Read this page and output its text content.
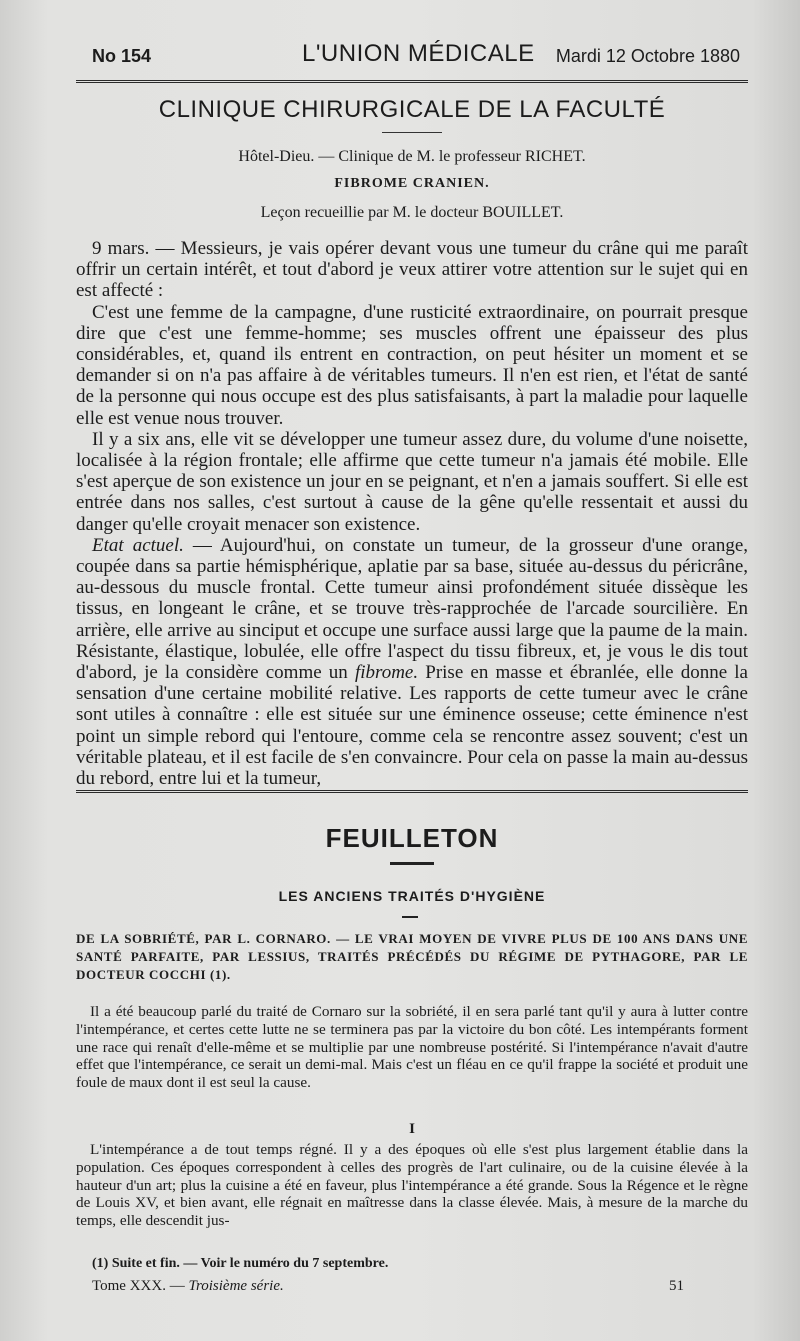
No 154	L'UNION MÉDICALE Mardi 12 Octobre 1880
CLINIQUE CHIRURGICALE DE LA FACULTÉ
Hôtel-Dieu. — Clinique de M. le professeur RICHET.
FIBROME CRANIEN.
Leçon recueillie par M. le docteur BOUILLET.

9 mars. — Messieurs, je vais opérer devant vous une tumeur du crâne qui me paraît offrir un certain intérêt, et tout d'abord je veux attirer votre attention sur le sujet qui en est affecté :

C'est une femme de la campagne, d'une rusticité extraordinaire, on pourrait presque dire que c'est une femme-homme; ses muscles offrent une épaisseur des plus considérables, et, quand ils entrent en contraction, on peut hésiter un moment et se demander si on n'a pas affaire à de véritables tumeurs. Il n'en est rien, et l'état de santé de la personne qui nous occupe est des plus satisfaisants, à part la maladie pour laquelle elle est venue nous trouver.

Il y a six ans, elle vit se développer une tumeur assez dure, du volume d'une noisette, localisée à la région frontale; elle affirme que cette tumeur n'a jamais été mobile. Elle s'est aperçue de son existence un jour en se peignant, et n'en a jamais souffert. Si elle est entrée dans nos salles, c'est surtout à cause de la gêne qu'elle ressentait et aussi du danger qu'elle croyait menacer son existence.

Etat actuel. — Aujourd'hui, on constate un tumeur, de la grosseur d'une orange, coupée dans sa partie hémisphérique, aplatie par sa base, située au-dessus du péricrâne, au-dessous du muscle frontal. Cette tumeur ainsi profondément située dissèque les tissus, en longeant le crâne, et se trouve très-rapprochée de l'arcade sourcilière. En arrière, elle arrive au sinciput et occupe une surface aussi large que la paume de la main. Résistante, élastique, lobulée, elle offre l'aspect du tissu fibreux, et, je vous le dis tout d'abord, je la considère comme un fibrome. Prise en masse et ébranlée, elle donne la sensation d'une certaine mobilité relative. Les rapports de cette tumeur avec le crâne sont utiles à connaître : elle est située sur une éminence osseuse; cette éminence n'est point un simple rebord qui l'entoure, comme cela se rencontre assez souvent; c'est un véritable plateau, et il est facile de s'en convaincre. Pour cela on passe la main au-dessus du rebord, entre lui et la tumeur,

FEUILLETON
LES ANCIENS TRAITÉS D'HYGIÈNE
DE LA SOBRIÉTÉ, PAR L. CORNARO. — LE VRAI MOYEN DE VIVRE PLUS DE 100 ANS DANS UNE SANTÉ PARFAITE, PAR LESSIUS, TRAITÉS PRÉCÉDÉS DU RÉGIME DE PYTHAGORE, PAR LE DOCTEUR COCCHI (1).

Il a été beaucoup parlé du traité de Cornaro sur la sobriété, il en sera parlé tant qu'il y aura à lutter contre l'intempérance, et certes cette lutte ne se terminera pas par la victoire du bon côté. Les intempérants forment une race qui renaît d'elle-même et se multiplie par une nombreuse postérité. Si l'intempérance n'avait d'autre effet que l'intempérance, ce serait un demi-mal. Mais c'est un fléau en ce qu'il frappe la société et produit une foule de maux dont il est seul la cause.

I

L'intempérance a de tout temps régné. Il y a des époques où elle s'est plus largement établie dans la population. Ces époques correspondent à celles des progrès de l'art culinaire, ou de la cuisine élevée à la hauteur d'un art; plus la cuisine a été en faveur, plus l'intempérance a été grande. Sous la Régence et le règne de Louis XV, et bien avant, elle régnait en maîtresse dans la classe élevée. Mais, à mesure de la marche du temps, elle descendit jus-

(1) Suite et fin. — Voir le numéro du 7 septembre.
Tome XXX. — Troisième série.	51
